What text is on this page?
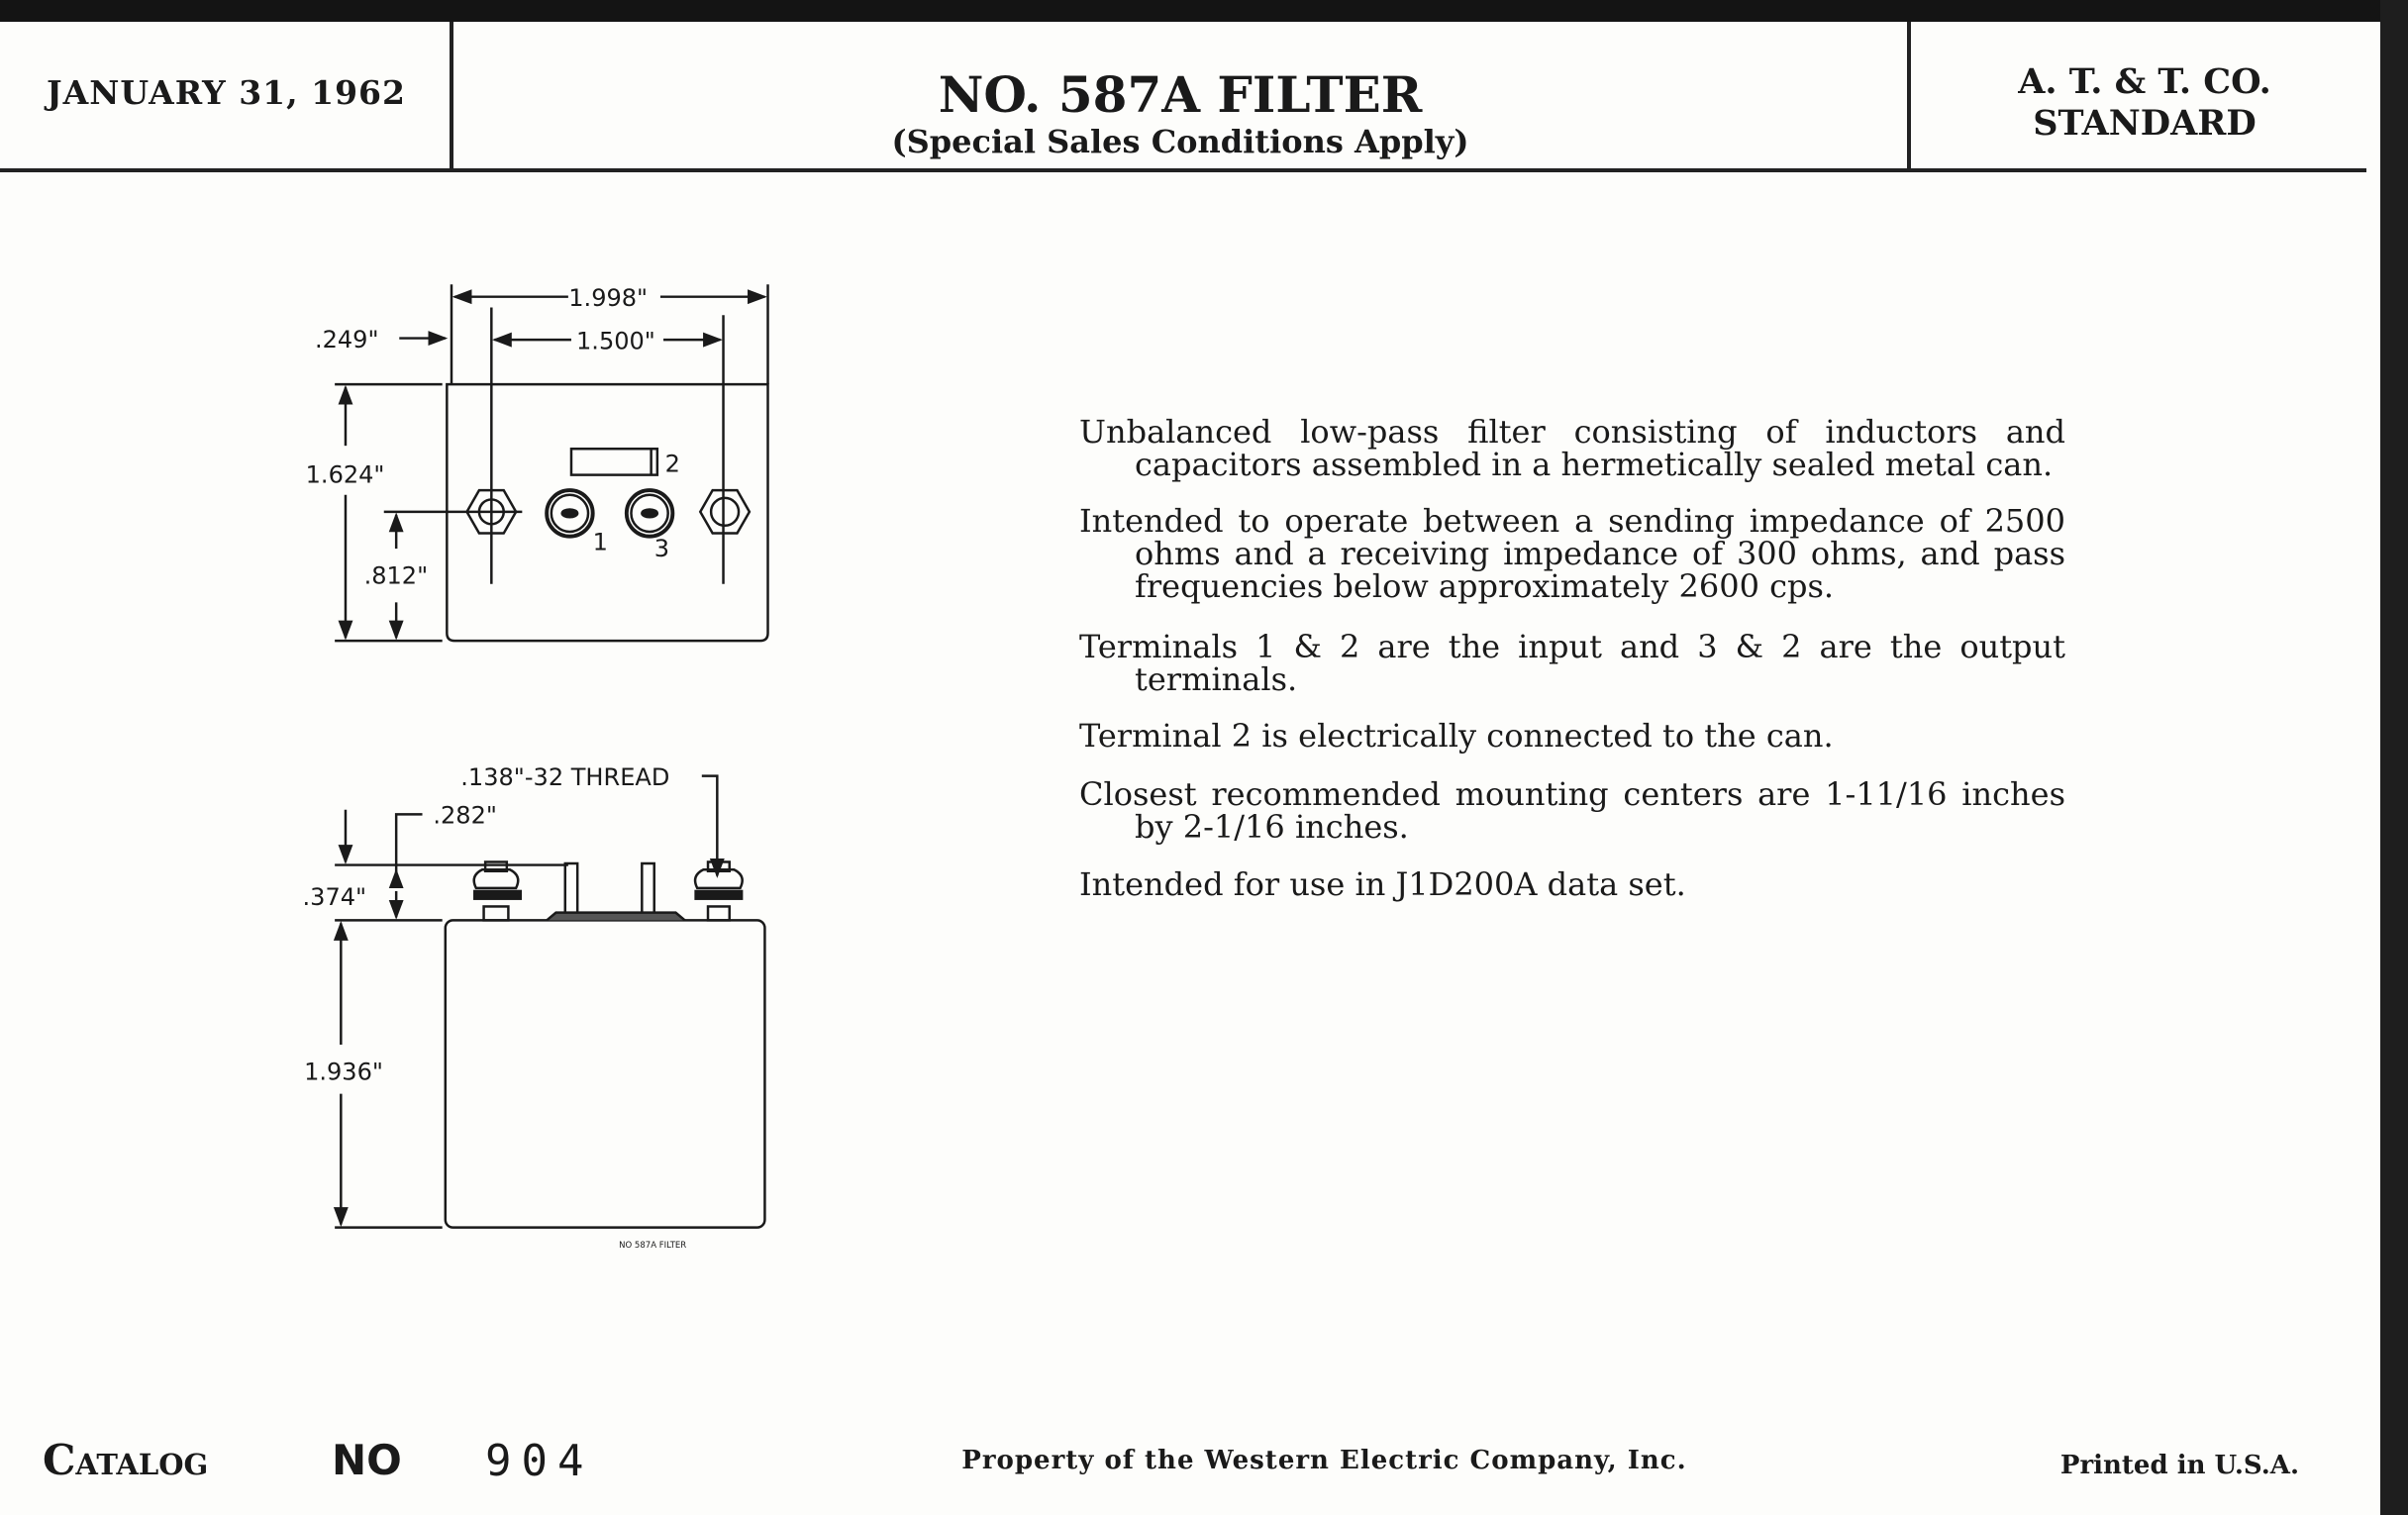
JANUARY 31, 1962	NO. 587A FILTER
(Special Sales Conditions Apply)
A. T. & T. CO.
STANDARD
1.998"
1.500"
.249"
1.624"
.812"
2
1	3
.138"-32 THREAD
.282"
.374"
1.936"
NO 587A FILTER
Unbalanced low-pass filter consisting of inductors and capacitors assembled in a hermetically sealed metal can.
Intended to operate between a sending impedance of 2500 ohms and a receiving impedance of 300 ohms, and pass frequencies below approximately 2600 cps.
Terminals 1 & 2 are the input and 3 & 2 are the output terminals.
Terminal 2 is electrically connected to the can.
Closest recommended mounting centers are 1-11/16 inches by 2-1/16 inches.
Intended for use in J1D200A data set.
Catalog	NO 904	Property of the Western Electric Company, Inc.	Printed in U.S.A.
